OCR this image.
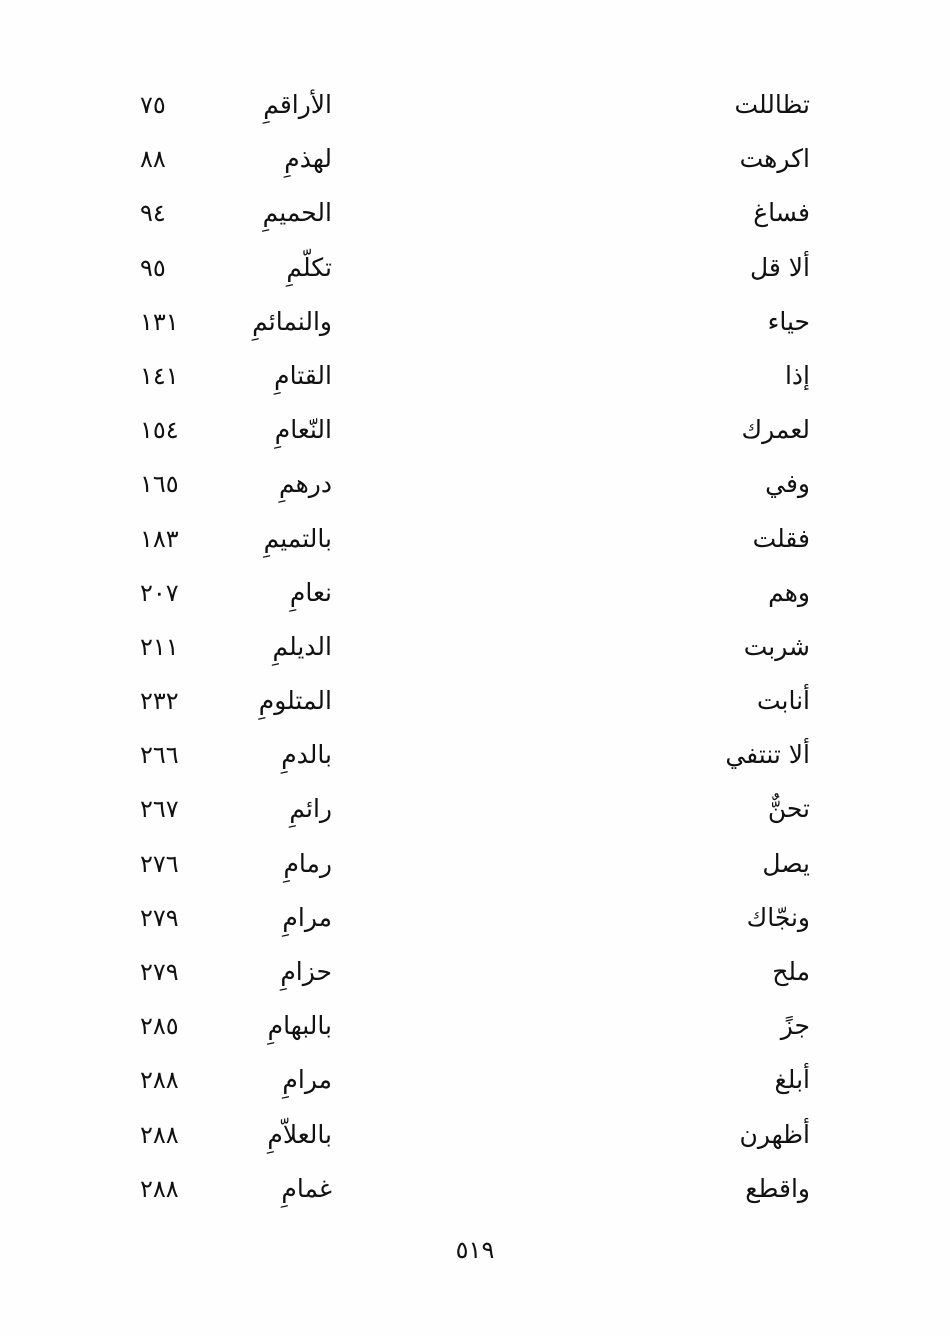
تظاللت
الأراقمِ
٧٥
اكرهت
لهذمِ
٨٨
فساغ
الحميمِ
٩٤
ألا قل
تكلّمِ
٩٥
حياء
والنمائمِ
١٣١
إذا
القتامِ
١٤١
لعمرك
النّعامِ
١٥٤
وفي
درهمِ
١٦٥
فقلت
بالتميمِ
١٨٣
وهم
نعامِ
٢٠٧
شربت
الديلمِ
٢١١
أنابت
المتلومِ
٢٣٢
ألا تنتفي
بالدمِ
٢٦٦
تحنٌّ
رائمِ
٢٦٧
يصل
رمامِ
٢٧٦
ونجّاك
مرامِ
٢٧٩
ملح
حزامِ
٢٧٩
جزً
بالبهامِ
٢٨٥
أبلغ
مرامِ
٢٨٨
أظهرن
بالعلاّمِ
٢٨٨
واقطع
غمامِ
٢٨٨
٥١٩
